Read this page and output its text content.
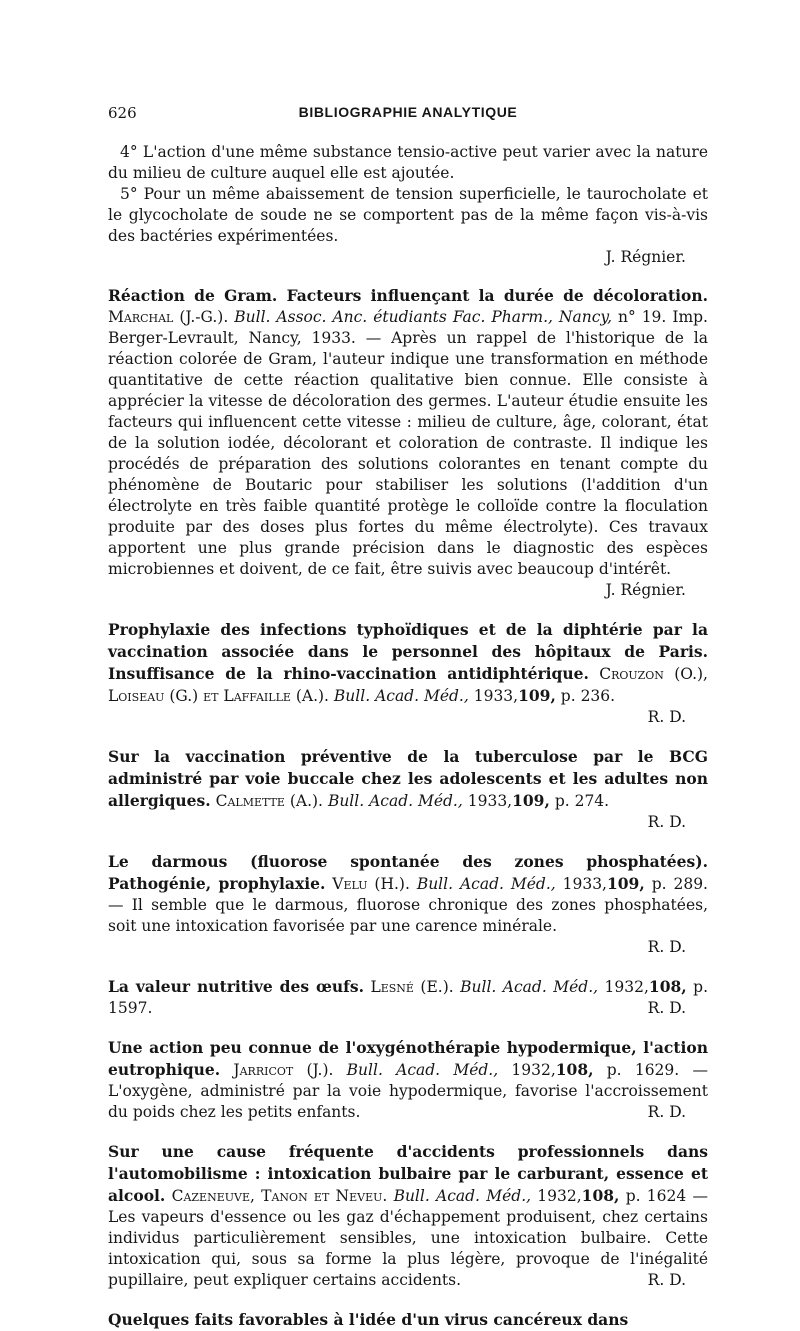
626	BIBLIOGRAPHIE ANALYTIQUE

4° L'action d'une même substance tensio-active peut varier avec la nature du milieu de culture auquel elle est ajoutée.

5° Pour un même abaissement de tension superficielle, le taurocholate et le glycocholate de soude ne se comportent pas de la même façon vis-à-vis des bactéries expérimentées.

J. Régnier.

Réaction de Gram. Facteurs influençant la durée de décoloration. Marchal (J.-G.). Bull. Assoc. Anc. étudiants Fac. Pharm., Nancy, n° 19. Imp. Berger-Levrault, Nancy, 1933. — Après un rappel de l'historique de la réaction colorée de Gram, l'auteur indique une transformation en méthode quantitative de cette réaction qualitative bien connue. Elle consiste à apprécier la vitesse de décoloration des germes. L'auteur étudie ensuite les facteurs qui influencent cette vitesse : milieu de culture, âge, colorant, état de la solution iodée, décolorant et coloration de contraste. Il indique les procédés de préparation des solutions colorantes en tenant compte du phénomène de Boutaric pour stabiliser les solutions (l'addition d'un électrolyte en très faible quantité protège le colloïde contre la floculation produite par des doses plus fortes du même électrolyte). Ces travaux apportent une plus grande précision dans le diagnostic des espèces microbiennes et doivent, de ce fait, être suivis avec beaucoup d'intérêt.
J. Régnier.

Prophylaxie des infections typhoïdiques et de la diphtérie par la vaccination associée dans le personnel des hôpitaux de Paris. Insuffisance de la rhino-vaccination antidiphtérique. Crouzon (O.), Loiseau (G.) et Laffaille (A.). Bull. Acad. Méd., 1933,109, p. 236.

R. D.

Sur la vaccination préventive de la tuberculose par le BCG administré par voie buccale chez les adolescents et les adultes non allergiques. Calmette (A.). Bull. Acad. Méd., 1933,109, p. 274.

R. D.

Le darmous (fluorose spontanée des zones phosphatées). Pathogénie, prophylaxie. Velu (H.). Bull. Acad. Méd., 1933,109, p. 289. — Il semble que le darmous, fluorose chronique des zones phosphatées, soit une intoxication favorisée par une carence minérale.

R. D.

La valeur nutritive des œufs. Lesné (E.). Bull. Acad. Méd., 1932,108, p. 1597.	R. D.

Une action peu connue de l'oxygénothérapie hypodermique, l'action eutrophique. Jarricot (J.). Bull. Acad. Méd., 1932,108, p. 1629. — L'oxygène, administré par la voie hypodermique, favorise l'accroissement du poids chez les petits enfants.	R. D.

Sur une cause fréquente d'accidents professionnels dans l'automobilisme : intoxication bulbaire par le carburant, essence et alcool. Cazeneuve, Tanon et Neveu. Bull. Acad. Méd., 1932,108, p. 1624 — Les vapeurs d'essence ou les gaz d'échappement produisent, chez certains individus particulièrement sensibles, une intoxication bulbaire. Cette intoxication qui, sous sa forme la plus légère, provoque de l'inégalité pupillaire, peut expliquer certains accidents.	R. D.

Quelques faits favorables à l'idée d'un virus cancéreux dans
